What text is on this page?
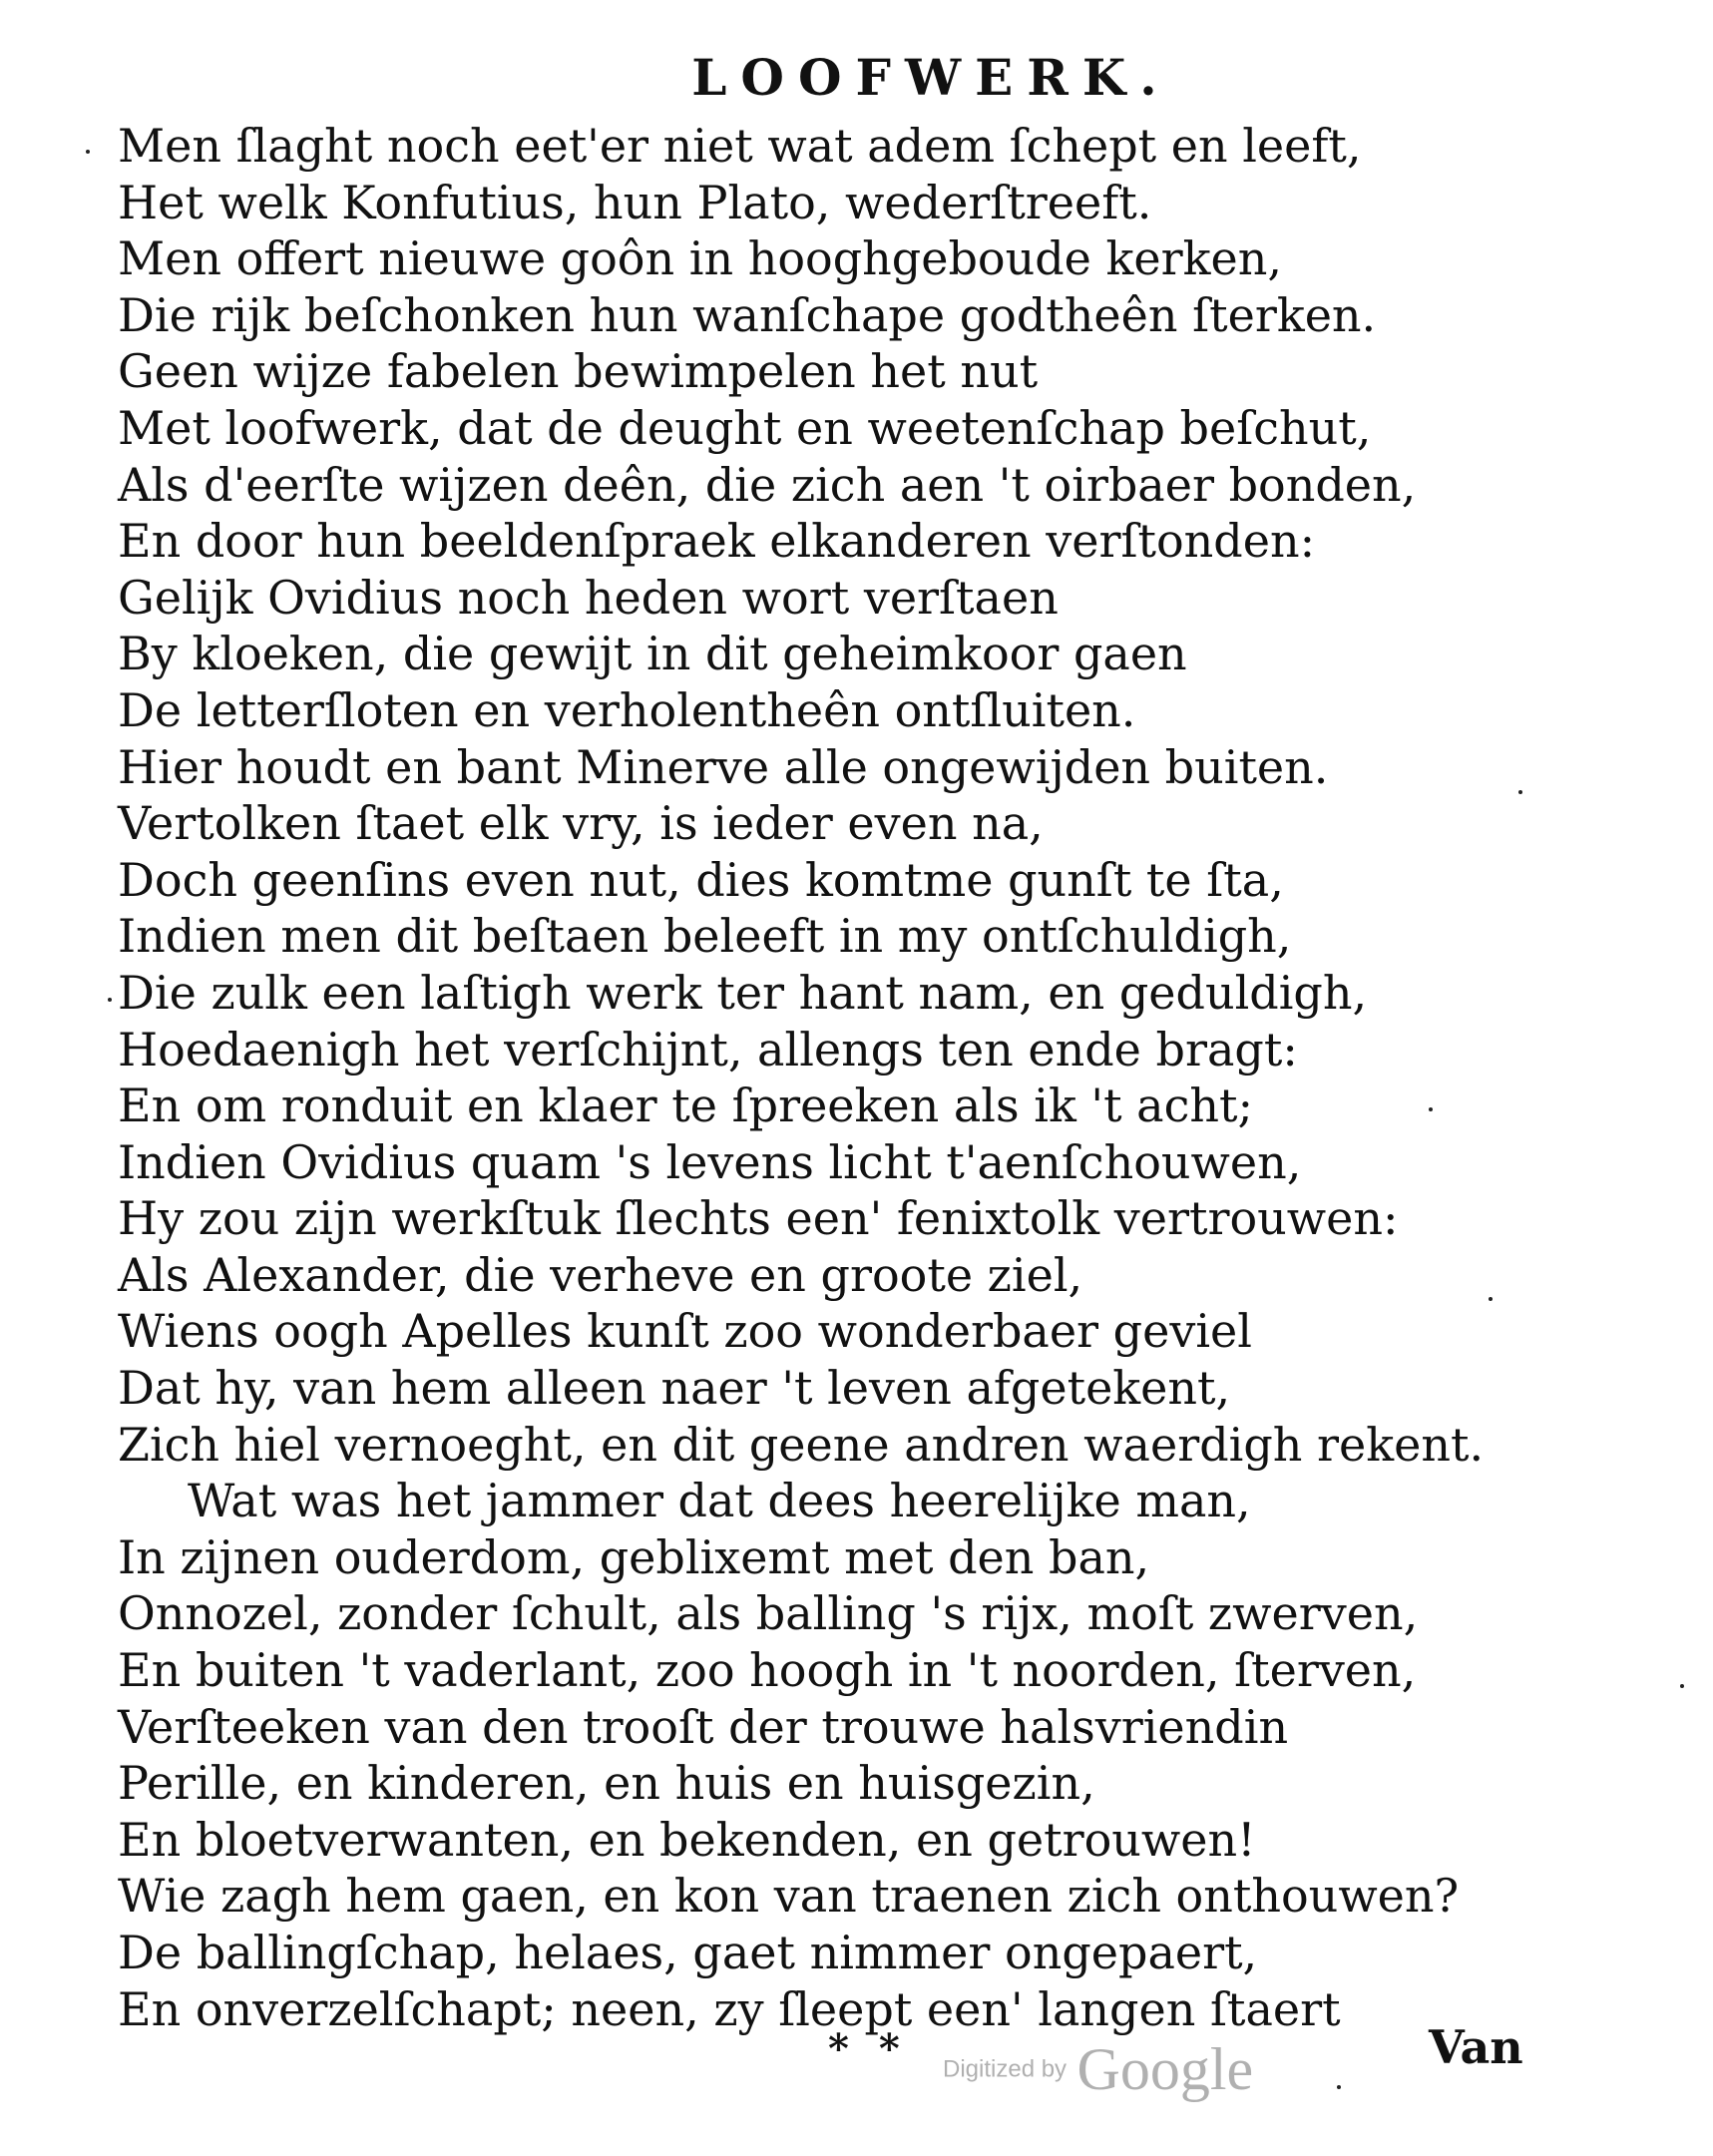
LOOFWERK.
Men ſlaght noch eet'er niet wat adem ſchept en leeft,
Het welk Konfutius, hun Plato, wederſtreeft.
Men offert nieuwe goôn in hooghgeboude kerken,
Die rijk beſchonken hun wanſchape godtheên ſterken.
Geen wijze fabelen bewimpelen het nut
Met loofwerk, dat de deught en weetenſchap beſchut,
Als d'eerſte wijzen deên, die zich aen 't oirbaer bonden,
En door hun beeldenſpraek elkanderen verſtonden:
Gelijk Ovidius noch heden wort verſtaen
By kloeken, die gewijt in dit geheimkoor gaen
De letterſloten en verholentheên ontſluiten.
Hier houdt en bant Minerve alle ongewijden buiten.
Vertolken ſtaet elk vry, is ieder even na,
Doch geenſins even nut, dies komtme gunſt te ſta,
Indien men dit beſtaen beleeft in my ontſchuldigh,
Die zulk een laſtigh werk ter hant nam, en geduldigh,
Hoedaenigh het verſchijnt, allengs ten ende bragt:
En om ronduit en klaer te ſpreeken als ik 't acht;
Indien Ovidius quam 's levens licht t'aenſchouwen,
Hy zou zijn werkſtuk ſlechts een' fenixtolk vertrouwen:
Als Alexander, die verheve en groote ziel,
Wiens oogh Apelles kunſt zoo wonderbaer geviel
Dat hy, van hem alleen naer 't leven afgetekent,
Zich hiel vernoeght, en dit geene andren waerdigh rekent.
Wat was het jammer dat dees heerelijke man,
In zijnen ouderdom, geblixemt met den ban,
Onnozel, zonder ſchult, als balling 's rijx, moſt zwerven,
En buiten 't vaderlant, zoo hoogh in 't noorden, ſterven,
Verſteeken van den trooſt der trouwe halsvriendin
Perille, en kinderen, en huis en huisgezin,
En bloetverwanten, en bekenden, en getrouwen!
Wie zagh hem gaen, en kon van traenen zich onthouwen?
De ballingſchap, helaes, gaet nimmer ongepaert,
En onverzelſchapt; neen, zy ſleept een' langen ſtaert
* * Digitized by Google	Van
